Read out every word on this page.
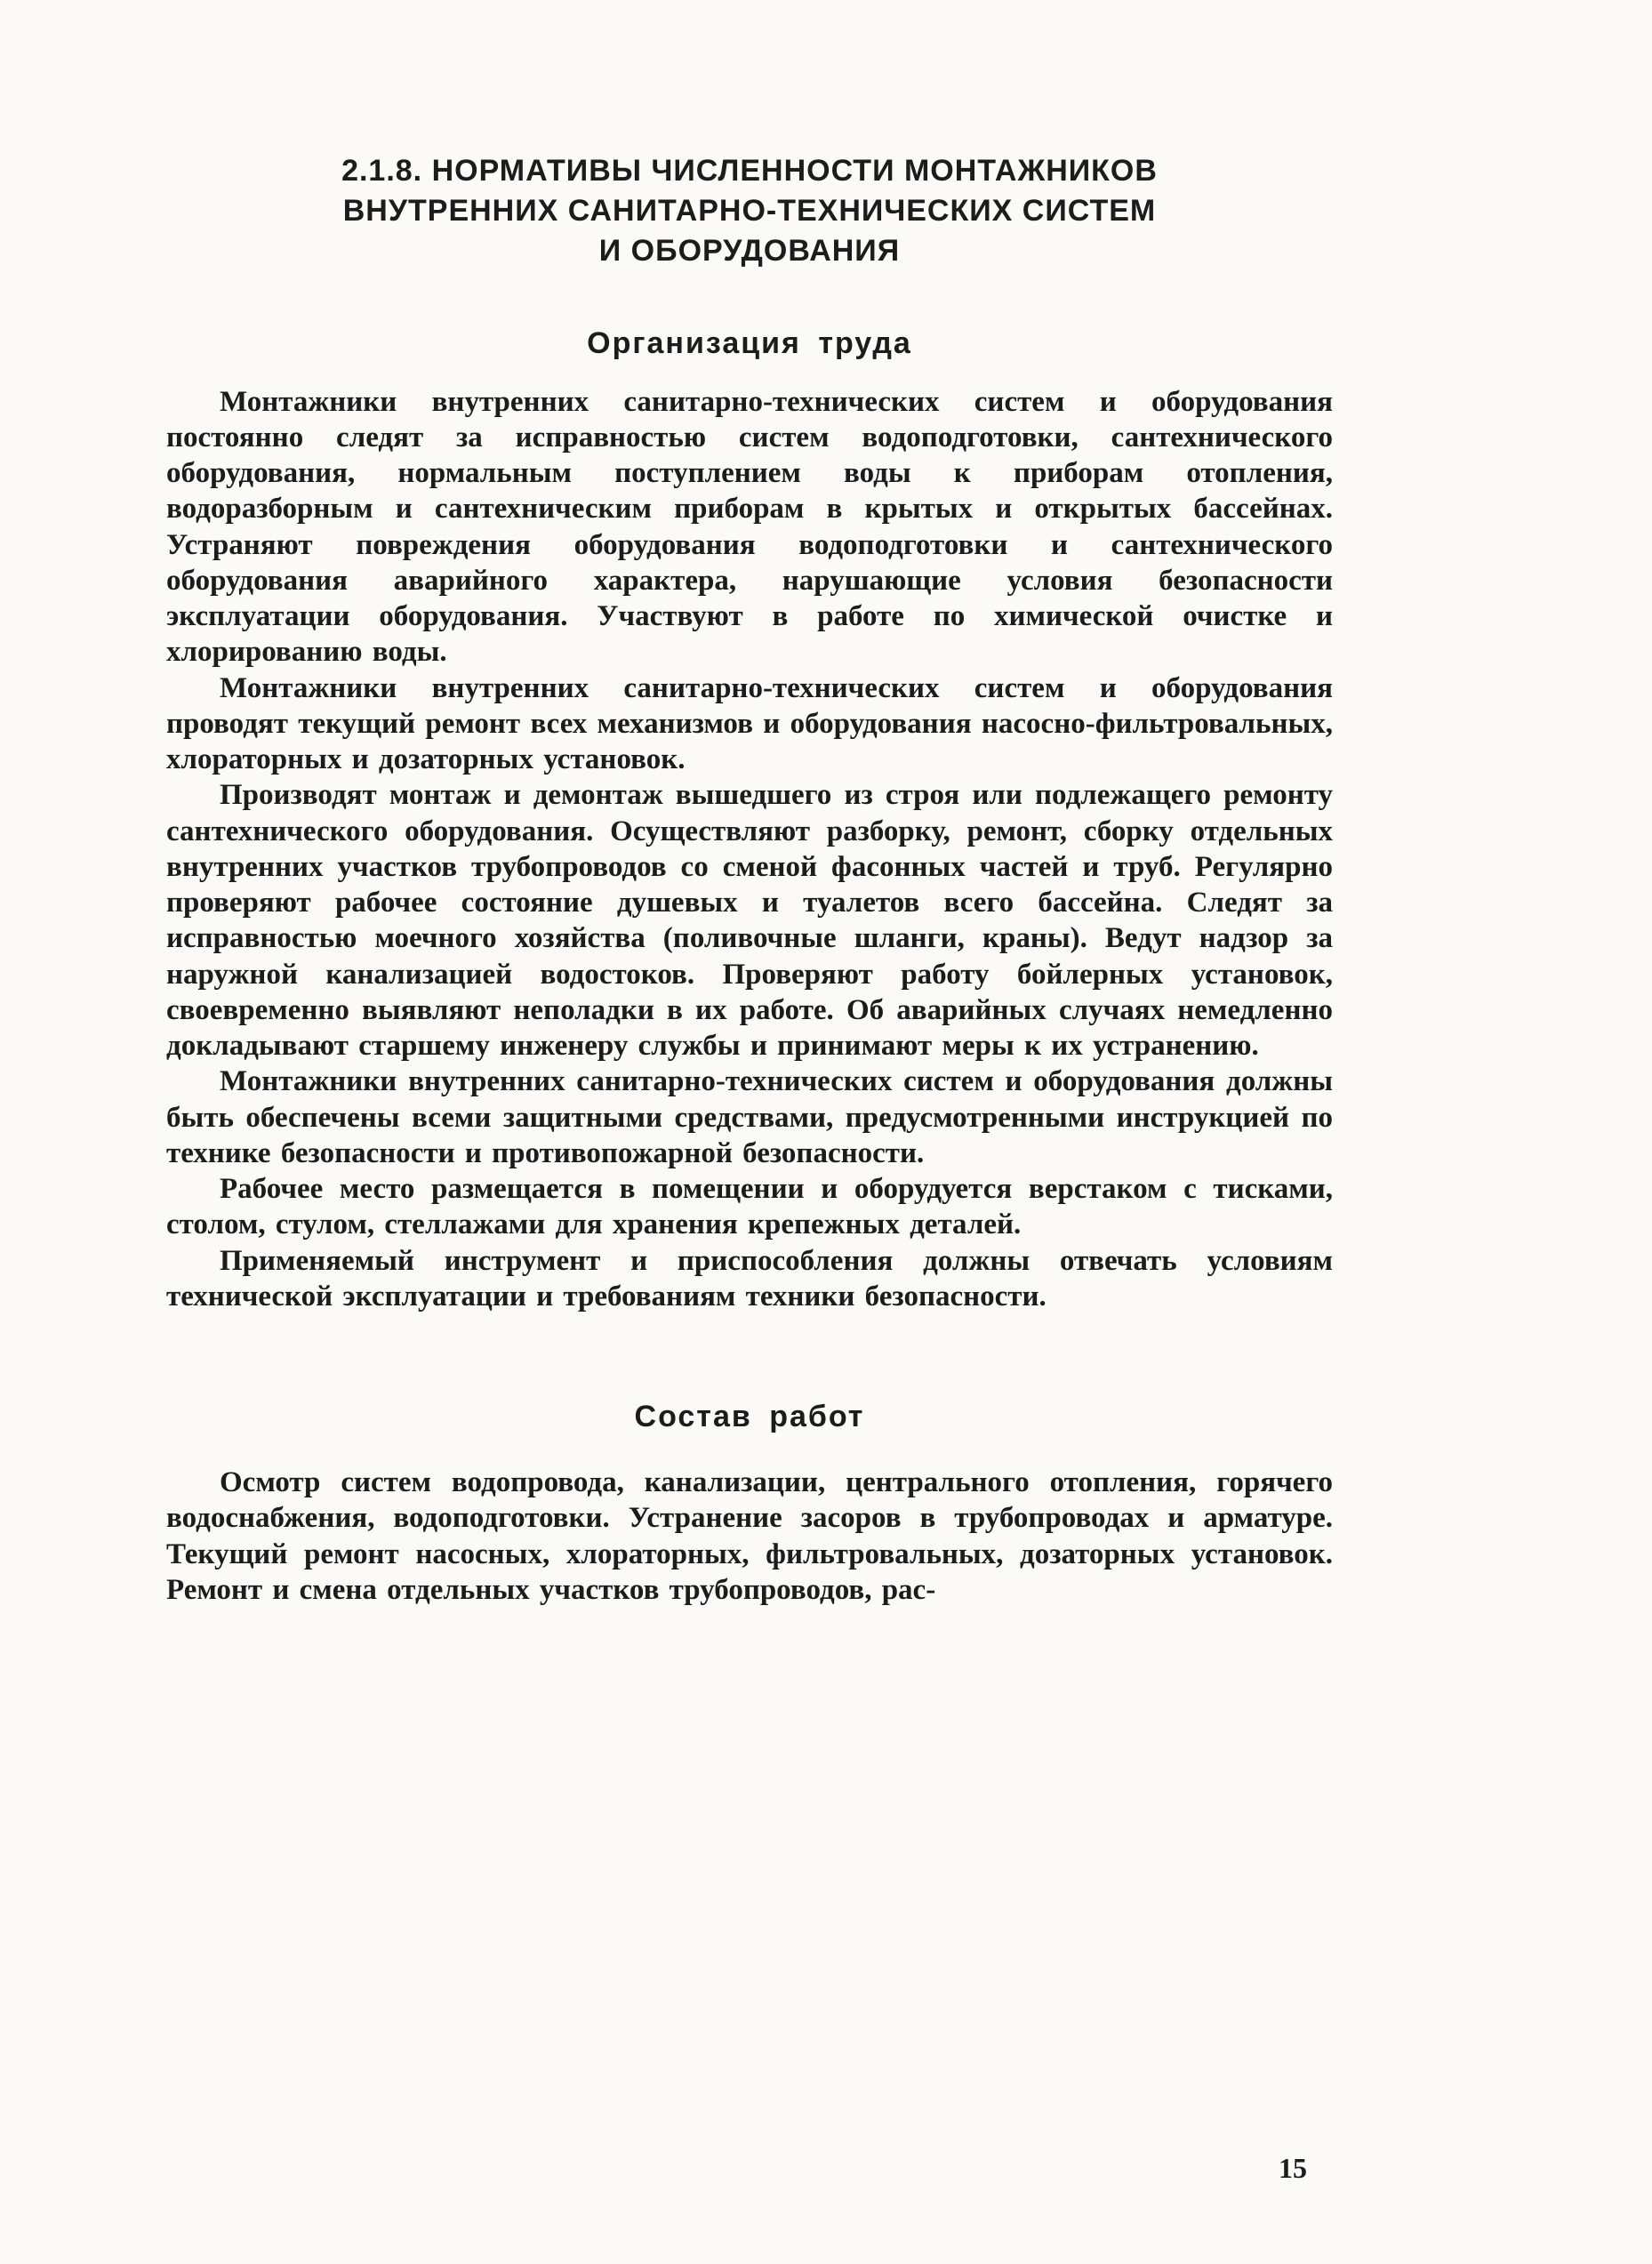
2.1.8. НОРМАТИВЫ ЧИСЛЕННОСТИ МОНТАЖНИКОВ
ВНУТРЕННИХ САНИТАРНО-ТЕХНИЧЕСКИХ СИСТЕМ
И ОБОРУДОВАНИЯ
Организация труда

Монтажники внутренних санитарно-технических систем и оборудования постоянно следят за исправностью систем водоподготовки, сантехнического оборудования, нормальным поступлением воды к приборам отопления, водоразборным и сантехническим приборам в крытых и открытых бассейнах. Устраняют повреждения оборудования водоподготовки и сантехнического оборудования аварийного характера, нарушающие условия безопасности эксплуатации оборудования. Участвуют в работе по химической очистке и хлорированию воды.

Монтажники внутренних санитарно-технических систем и оборудования проводят текущий ремонт всех механизмов и оборудования насосно-фильтровальных, хлораторных и дозаторных установок.

Производят монтаж и демонтаж вышедшего из строя или подлежащего ремонту сантехнического оборудования. Осуществляют разборку, ремонт, сборку отдельных внутренних участков трубопроводов со сменой фасонных частей и труб. Регулярно проверяют рабочее состояние душевых и туалетов всего бассейна. Следят за исправностью моечного хозяйства (поливочные шланги, краны). Ведут надзор за наружной канализацией водостоков. Проверяют работу бойлерных установок, своевременно выявляют неполадки в их работе. Об аварийных случаях немедленно докладывают старшему инженеру службы и принимают меры к их устранению.

Монтажники внутренних санитарно-технических систем и оборудования должны быть обеспечены всеми защитными средствами, предусмотренными инструкцией по технике безопасности и противопожарной безопасности.

Рабочее место размещается в помещении и оборудуется верстаком с тисками, столом, стулом, стеллажами для хранения крепежных деталей.

Применяемый инструмент и приспособления должны отвечать условиям технической эксплуатации и требованиям техники безопасности.

Состав работ

Осмотр систем водопровода, канализации, центрального отопления, горячего водоснабжения, водоподготовки. Устранение засоров в трубопроводах и арматуре. Текущий ремонт насосных, хлораторных, фильтровальных, дозаторных установок. Ремонт и смена отдельных участков трубопроводов, рас-

15
